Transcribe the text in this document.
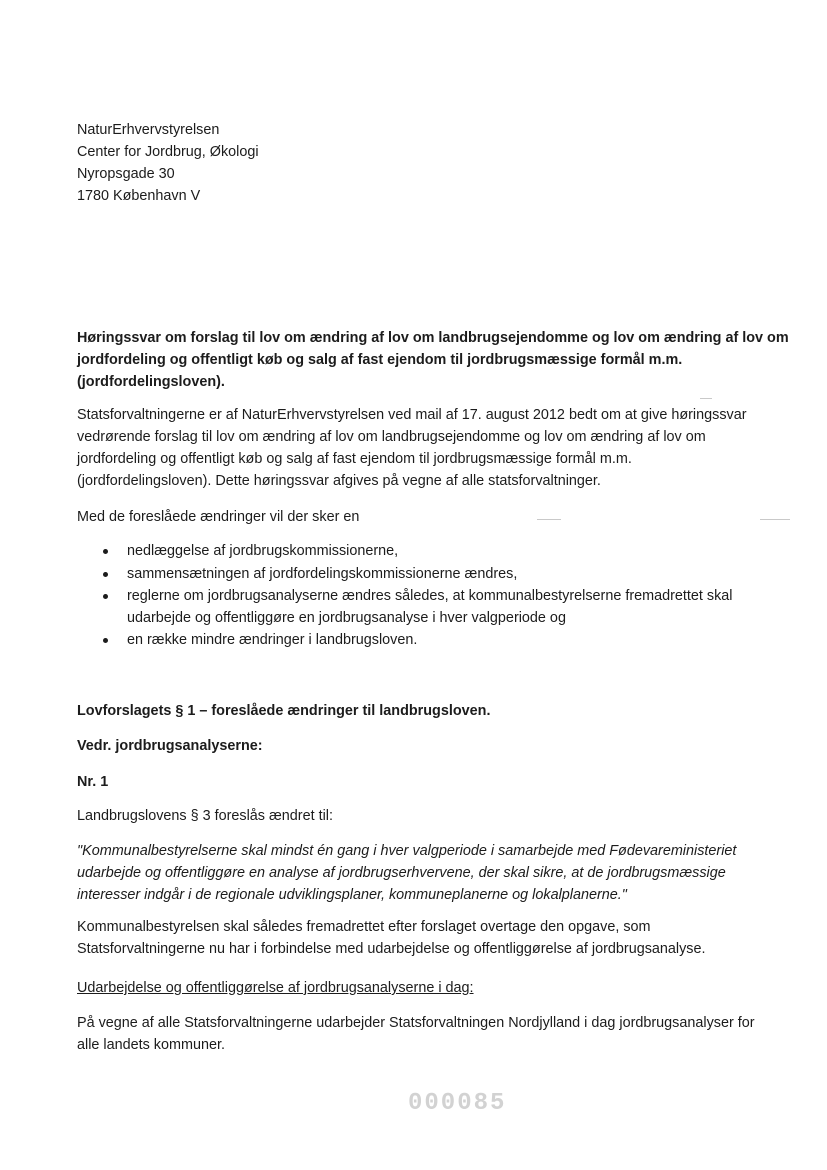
NaturErhvervstyrelsen
Center for Jordbrug, Økologi
Nyropsgade 30
1780 København V
Høringssvar om forslag til lov om ændring af lov om landbrugsejendomme og lov om ændring af lov om
jordfordeling og offentligt køb og salg af fast ejendom til jordbrugsmæssige formål m.m.
(jordfordelingsloven).
Statsforvaltningerne er af NaturErhvervstyrelsen ved mail af 17. august 2012 bedt om at give høringssvar
vedrørende forslag til lov om ændring af lov om landbrugsejendomme og lov om ændring af lov om
jordfordeling og offentligt køb og salg af fast ejendom til jordbrugsmæssige formål m.m.
(jordfordelingsloven). Dette høringssvar afgives på vegne af alle statsforvaltninger.
Med de foreslåede ændringer vil der sker en
nedlæggelse af jordbrugskommissionerne,
sammensætningen af jordfordelingskommissionerne ændres,
reglerne om jordbrugsanalyserne ændres således, at kommunalbestyrelserne fremadrettet skal
udarbejde og offentliggøre en jordbrugsanalyse i hver valgperiode og
en række mindre ændringer i landbrugsloven.
Lovforslagets § 1 – foreslåede ændringer til landbrugsloven.
Vedr. jordbrugsanalyserne:
Nr. 1
Landbrugslovens § 3 foreslås ændret til:
"Kommunalbestyrelserne skal mindst én gang i hver valgperiode i samarbejde med Fødevareministeriet
udarbejde og offentliggøre en analyse af jordbrugserhvervene, der skal sikre, at de jordbrugsmæssige
interesser indgår i de regionale udviklingsplaner, kommuneplanerne og lokalplanerne."
Kommunalbestyrelsen skal således fremadrettet efter forslaget overtage den opgave, som
Statsforvaltningerne nu har i forbindelse med udarbejdelse og offentliggørelse af jordbrugsanalyse.
Udarbejdelse og offentliggørelse af jordbrugsanalyserne i dag:
På vegne af alle Statsforvaltningerne udarbejder Statsforvaltningen Nordjylland i dag jordbrugsanalyser for
alle landets kommuner.
000085
